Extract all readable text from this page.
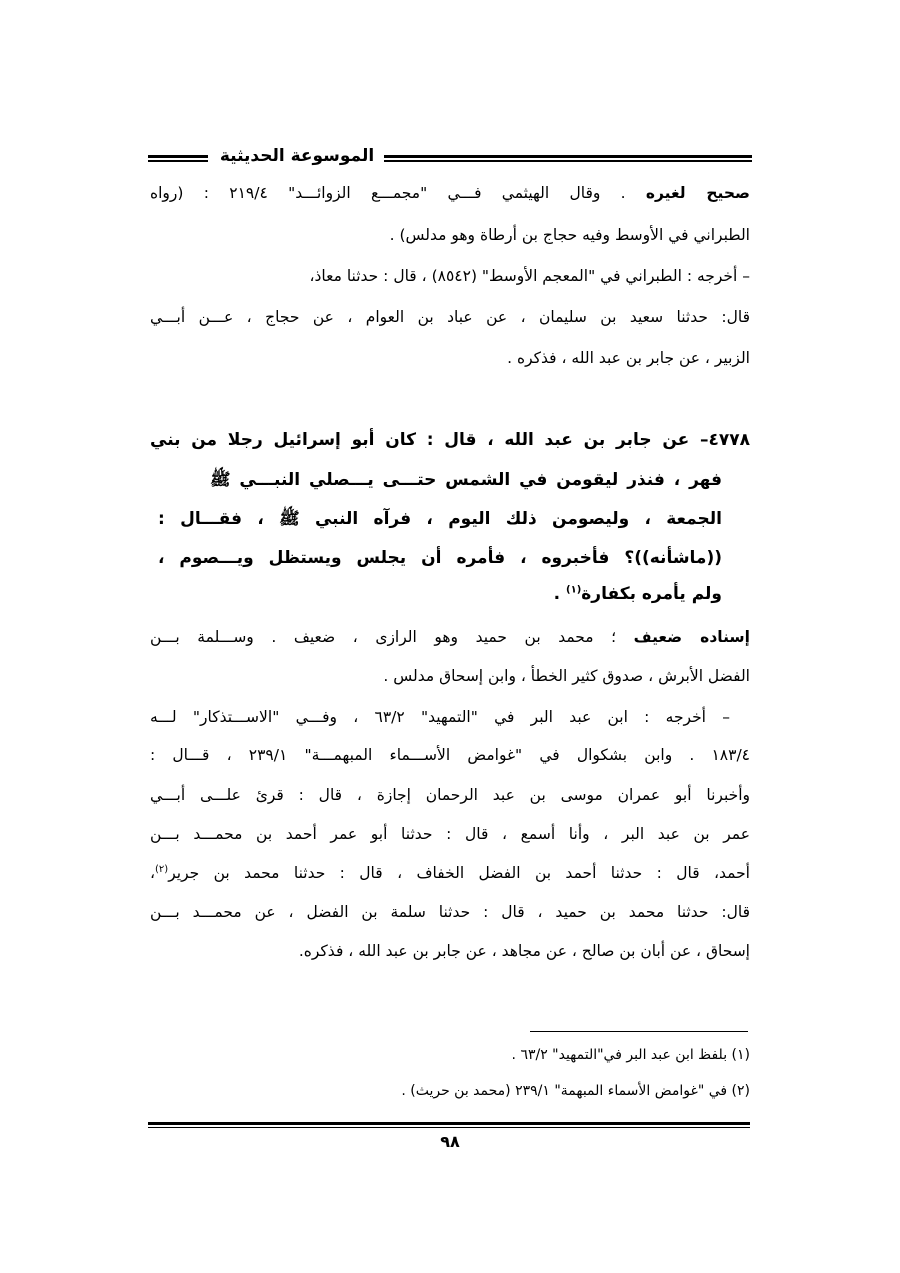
الموسوعة الحديثية
صحيح لغيره . وقال الهيثمي فـــي "مجمـــع الزوائـــد" ٢١٩/٤ : (رواه
الطبراني في الأوسط وفيه حجاج بن أرطاة وهو مدلس) .
– أخرجه : الطبراني في "المعجم الأوسط" (٨٥٤٢) ، قال : حدثنا معاذ،
قال: حدثنا سعيد بن سليمان ، عن عباد بن العوام ، عن حجاج ، عـــن أبـــي
الزبير ، عن جابر بن عبد الله ، فذكره .
٤٧٧٨– عن جابر بن عبد الله ، قال : كان أبو إسرائيل رجلا من بني
فهر ، فنذر ليقومن في الشمس حتـــى يـــصلي النبـــي ﷺ
الجمعة ، وليصومن ذلك اليوم ، فرآه النبي ﷺ ، فقـــال :
((ماشأنه))؟ فأخبروه ، فأمره أن يجلس ويستظل ويـــصوم ،
ولم يأمره بكفارة$^{(١)}$ .
إسناده ضعيف ؛ محمد بن حميد وهو الرازى ، ضعيف . وســـلمة بـــن
الفضل الأبرش ، صدوق كثير الخطأ ، وابن إسحاق مدلس .
– أخرجه : ابن عبد البر في "التمهيد" ٦٣/٢ ، وفـــي "الاســـتذكار" لـــه
١٨٣/٤ . وابن بشكوال في "غوامض الأســـماء المبهمـــة" ٢٣٩/١ ، قـــال :
وأخبرنا أبو عمران موسى بن عبد الرحمان إجازة ، قال : قرئ علـــى أبـــي
عمر بن عبد البر ، وأنا أسمع ، قال : حدثنا أبو عمر أحمد بن محمـــد بـــن
أحمد، قال : حدثنا أحمد بن الفضل الخفاف ، قال : حدثنا محمد بن جرير$^{(٢)}$،
قال: حدثنا محمد بن حميد ، قال : حدثنا سلمة بن الفضل ، عن محمـــد بـــن
إسحاق ، عن أبان بن صالح ، عن مجاهد ، عن جابر بن عبد الله ، فذكره.
(١) بلفظ ابن عبد البر في"التمهيد" ٦٣/٢ .
(٢) في "غوامض الأسماء المبهمة" ٢٣٩/١ (محمد بن حريث) .
٩٨
